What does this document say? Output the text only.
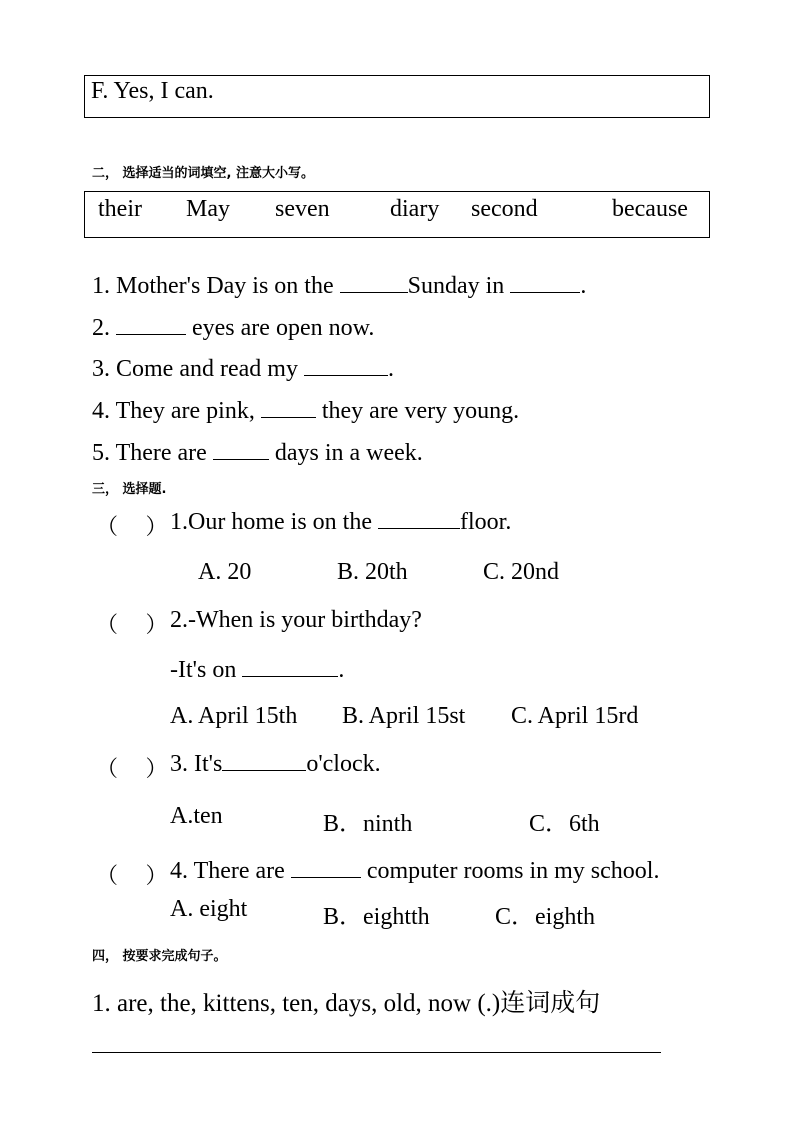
F. Yes, I can.
二， 选择适当的词填空, 注意大小写。
their May seven	diary second	because
1. Mother's Day is on the	Sunday in	.
2.	eyes are open now.
3. Come and read my	.
4. They are pink,  they are very young.
5. There are  days in a week.
三， 选择题.
（　 ） 1.Our home is on the	floor.
A. 20	B. 20th	C. 20nd
（　 ） 2.-When is your birthday?
-It's on	.
A. April 15th B. April 15st C. April 15rd
（　 ） 3. It's	o'clock.
A.ten	B．ninth	C．6th
（　 ） 4. There are	computer rooms in my school.
A. eight	B．eightth	C．eighth
四， 按要求完成句子。
1. are, the, kittens, ten, days, old, now (.)连词成句
